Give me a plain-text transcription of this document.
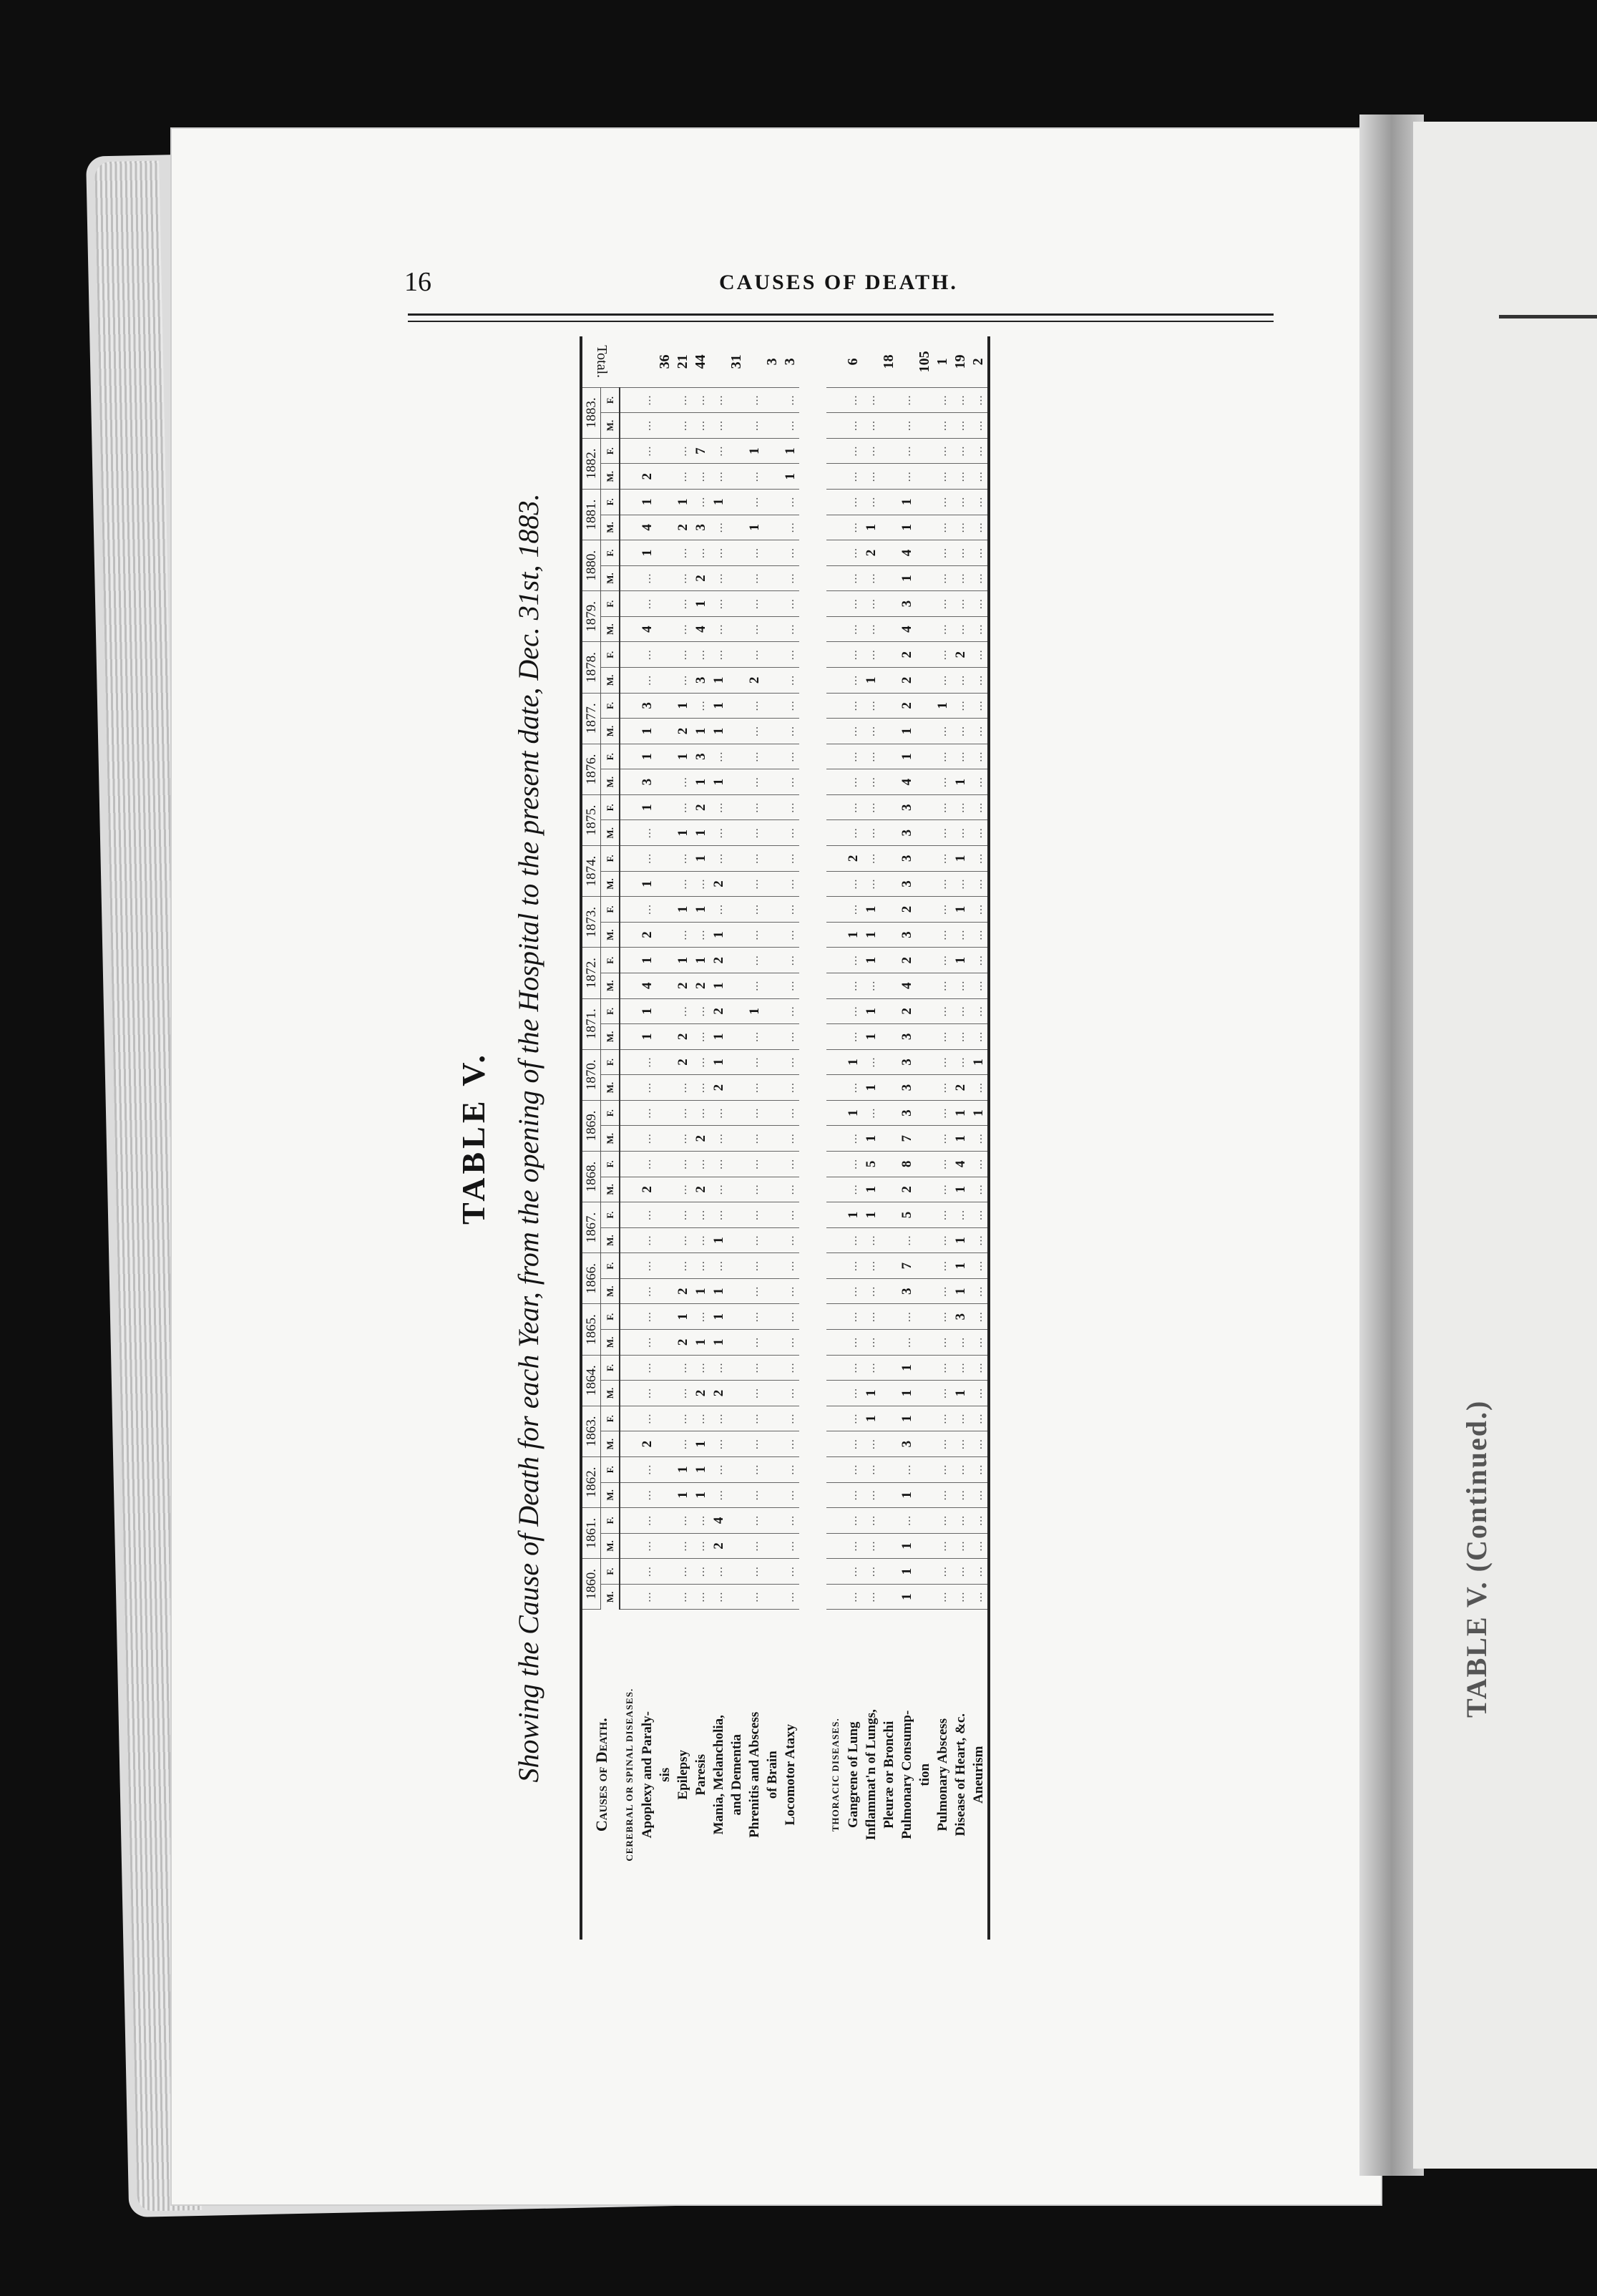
TABLE V. (Continued.)
16	CAUSES OF DEATH.
TABLE V. Showing the Cause of Death for each Year, from the opening of the Hospital to the present date, Dec. 31st, 1883.	Causes of Death.	1860.		1861.		1862.		1863.		1864.		1865.		1866.		1867.		1868.		1869.		1870.		1871.		1872.		1873.		1874.		1875.		1876.		1877.		1878.		1879.		1880.		1881.		1882.		1883.		Total.
	M.	F.	M.	F.	M.	F.	M.	F.	M.	F.	M.	F.	M.	F.	M.	F.	M.	F.	M.	F.	M.	F.	M.	F.	M.	F.	M.	F.	M.	F.	M.	F.	M.	F.	M.	F.	M.	F.	M.	F.	M.	F.	M.	F.	M.	F.	M.	F.	
CEREBRAL OR SPINAL DISEASES.																																																	
Apoplexy and Paraly-	...	...	...	...	...	...	2	...	...	...	...	...	...	...	...	...	2	...	...	...	...	...	1	1	4	1	2	...	1	...	...	1	3	1	1	3	...	...	4	...	...	1	4	1	2	...	...	...	
sis																																																	36
Epilepsy	...	...	...	...	1	1	...	...	...	...	2	1	2	...	...	...	...	...	...	...	...	2	2	...	2	1	...	1	...	...	1	...	...	1	2	1	...	...	...	...	...	...	2	1	...	...	...	...	21
Paresis	...	...	...	...	1	1	1	...	2	...	1	...	1	...	...	...	2	...	2	...	...	...	...	...	2	1	...	1	...	1	1	2	1	3	1	...	3	...	4	1	2	...	3	...	...	7	...	...	44
Mania, Melancholia,	...	...	2	4	...	...	...	...	2	...	1	1	1	...	1	...	...	...	...	...	2	1	1	2	1	2	1	...	2	...	...	...	1	...	1	1	1	...	...	...	...	...	...	1	...	...	...	...	
and Dementia																																																	31
Phrenitis and Abscess	...	...	...	...	...	...	...	...	...	...	...	...	...	...	...	...	...	...	...	...	...	...	...	1	...	...	...	...	...	...	...	...	...	...	...	...	2	...	...	...	...	...	1	...	...	1	...	...	
of Brain																																																	3
Locomotor Ataxy	...	...	...	...	...	...	...	...	...	...	...	...	...	...	...	...	...	...	...	...	...	...	...	...	...	...	...	...	...	...	...	...	...	...	...	...	...	...	...	...	...	...	...	...	1	1	...	...	3

THORACIC DISEASES.																																																	
Gangrene of Lung	...	...	...	...	...	...	...	...	...	...	...	...	...	...	...	1	...	...	...	1	...	1	...	...	...	...	1	...	...	2	...	...	...	...	...	...	...	...	...	...	...	...	...	...	...	...	...	...	6
Inflammat'n of Lungs,	...	...	...	...	...	...	...	1	1	...	...	...	...	...	...	1	1	5	1	...	1	...	1	1	...	1	1	1	...	...	...	...	...	...	...	...	1	...	...	...	...	2	1	...	...	...	...	...	
Pleuræ or Bronchi																																																	18
Pulmonary Consump-	1	1	1	...	1	...	3	1	1	1	...	...	3	7	...	5	2	8	7	3	3	3	3	2	4	2	3	2	3	3	3	3	4	1	1	2	2	2	4	3	1	4	1	1	...	...	...	...	
tion																																																	105
Pulmonary Abscess	...	...	...	...	...	...	...	...	...	...	...	...	...	...	...	...	...	...	...	...	...	...	...	...	...	...	...	...	...	...	...	...	...	...	...	1	...	...	...	...	...	...	...	...	...	...	...	...	1
Disease of Heart, &c.	...	...	...	...	...	...	...	...	1	...	...	3	1	1	1	...	1	4	1	1	2	...	...	...	...	1	...	1	...	1	...	...	1	...	...	...	...	2	...	...	...	...	...	...	...	...	...	...	19
Aneurism	...	...	...	...	...	...	...	...	...	...	...	...	...	...	...	...	...	...	...	1	...	1	...	...	...	...	...	...	...	...	...	...	...	...	...	...	...	...	...	...	...	...	...	...	...	...	...	...	2
